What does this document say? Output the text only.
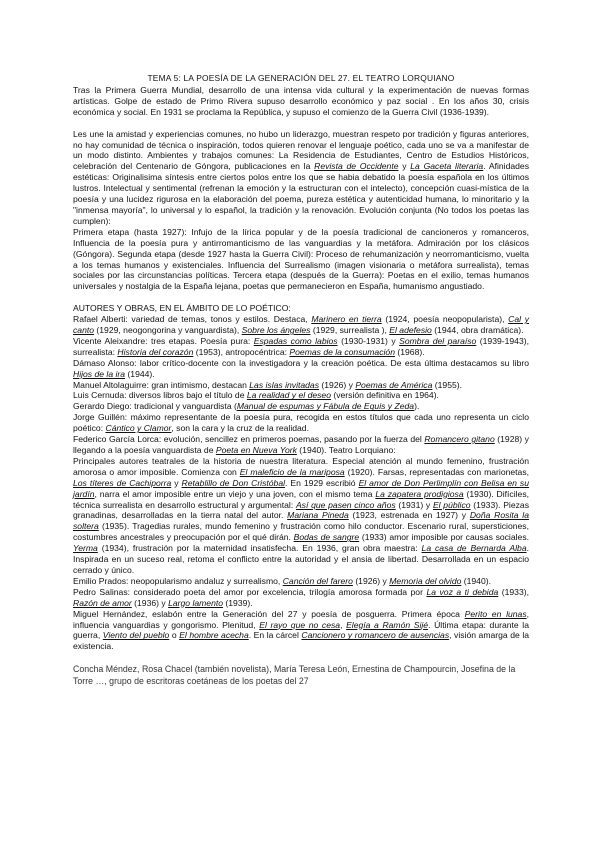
TEMA 5: LA POESÍA DE LA GENERACIÓN DEL 27. EL TEATRO LORQUIANO

Tras la Primera Guerra Mundial, desarrollo de una intensa vida cultural y la experimentación de nuevas formas artísticas. Golpe de estado de Primo Rivera supuso desarrollo económico y paz social . En los años 30, crisis económica y social. En 1931 se proclama la República, y supuso el comienzo de la Guerra Civil (1936-1939).

Les une la amistad y experiencias comunes, no hubo un liderazgo, muestran respeto por tradición y figuras anteriores, no hay comunidad de técnica o inspiración, todos quieren renovar el lenguaje poético, cada uno se va a manifestar de un modo distinto. Ambientes y trabajos comunes: La Residencia de Estudiantes, Centro de Estudios Históricos, celebración del Centenario de Góngora, publicaciones en la Revista de Occidente y La Gaceta literaria. Afinidades estéticas: Originalisima síntesis entre ciertos polos entre los que se habia debatido la poesía española en los últimos lustros. Intelectual y sentimental (refrenan la emoción y la estructuran con el intelecto), concepción cuasi-mística de la poesía y una lucidez rigurosa en la elaboración del poema, pureza estética y autenticidad humana, lo minoritario y la "inmensa mayoría", lo universal y lo español, la tradición y la renovación. Evolución conjunta (No todos los poetas las cumplen):

Primera etapa (hasta 1927): Infujo de la lírica popular y de la poesía tradicional de cancioneros y romanceros, Influencia de la poesía pura y antirromanticismo de las vanguardias y la metáfora. Admiración por los clásicos (Góngora). Segunda etapa (desde 1927 hasta la Guerra Civil): Proceso de rehumanización y neorromanticismo, vuelta a los temas humanos y existenciales. Influencia del Surrealismo (imagen visionaria o metáfora surrealista), temas sociales por las circunstancias políticas. Tercera etapa (después de la Guerra): Poetas en el exilio, temas humanos universales y nostalgia de la España lejana, poetas que permanecieron en España, humanismo angustiado.

AUTORES Y OBRAS, EN EL ÁMBITO DE LO POÉTICO:

Rafael Alberti: variedad de temas, tonos y estilos. Destaca, Marinero en tierra (1924, poesía neopopularista), Cal y canto (1929, neogongorina y vanguardista), Sobre los ángeles (1929, surrealista ), El adefesio (1944, obra dramática).

Vicente Aleixandre: tres etapas. Poesía pura: Espadas como labios (1930-1931) y Sombra del paraíso (1939-1943), surrealista: Historia del corazón (1953), antropocéntrica: Poemas de la consumación (1968).

Dámaso Alonso: labor crítico-docente con la investigadora y la creación poética. De esta última destacamos su libro Hijos de la ira (1944).

Manuel Altolaguirre: gran intimismo, destacan Las islas invitadas (1926) y Poemas de América (1955).

Luis Cernuda: diversos libros bajo el título de La realidad y el deseo (versión definitiva en 1964).

Gerardo Diego: tradicional y vanguardista (Manual de espumas y Fábula de Equis y Zeda).

Jorge Guillén: máximo representante de la poesía pura, recogida en estos títulos que cada uno representa un ciclo poético: Cántico y Clamor, son la cara y la cruz de la realidad.

Federico García Lorca: evolución, sencillez en primeros poemas, pasando por la fuerza del Romancero gitano (1928) y llegando a la poesía vanguardista de Poeta en Nueva York (1940). Teatro Lorquiano:

Principales autores teatrales de la historia de nuestra literatura. Especial atención al mundo femenino, frustración amorosa o amor imposible. Comienza con El maleficio de la mariposa (1920). Farsas, representadas con marionetas, Los títeres de Cachiporra y Retablillo de Don Cristóbal. En 1929 escribió El amor de Don Perlimplín con Belisa en su jardín, narra el amor imposible entre un viejo y una joven, con el mismo tema La zapatera prodigiosa (1930). Difíciles, técnica surrealista en desarrollo estructural y argumental: Así que pasen cinco años (1931) y El público (1933). Piezas granadinas, desarrolladas en la tierra natal del autor. Mariana Pineda (1923, estrenada en 1927) y Doña Rosita la soltera (1935). Tragedias rurales, mundo femenino y frustración como hilo conductor. Escenario rural, supersticiones, costumbres ancestrales y preocupación por el qué dirán. Bodas de sangre (1933) amor imposible por causas sociales. Yerma (1934), frustración por la maternidad insatisfecha. En 1936, gran obra maestra: La casa de Bernarda Alba. Inspirada en un suceso real, retoma el conflicto entre la autoridad y el ansia de libertad. Desarrollada en un espacio cerrado y único.

Emilio Prados: neopopularismo andaluz y surrealismo, Canción del farero (1926) y Memoria del olvido (1940).

Pedro Salinas: considerado poeta del amor por excelencia, trilogía amorosa formada por La voz a ti debida (1933), Razón de amor (1936) y Largo lamento (1939).

Miguel Hernández, eslabón entre la Generación del 27 y poesía de posguerra. Primera época Perito en lunas, influencia vanguardias y gongorismo. Plenitud, El rayo que no cesa, Elegía a Ramón Sijé. Última etapa: durante la guerra, Viento del pueblo o El hombre acecha. En la cárcel Cancionero y romancero de ausencias, visión amarga de la existencia.

Concha Méndez, Rosa Chacel (también novelista), María Teresa León, Ernestina de Champourcin, Josefina de la Torre …, grupo de escritoras coetáneas de los poetas del 27
